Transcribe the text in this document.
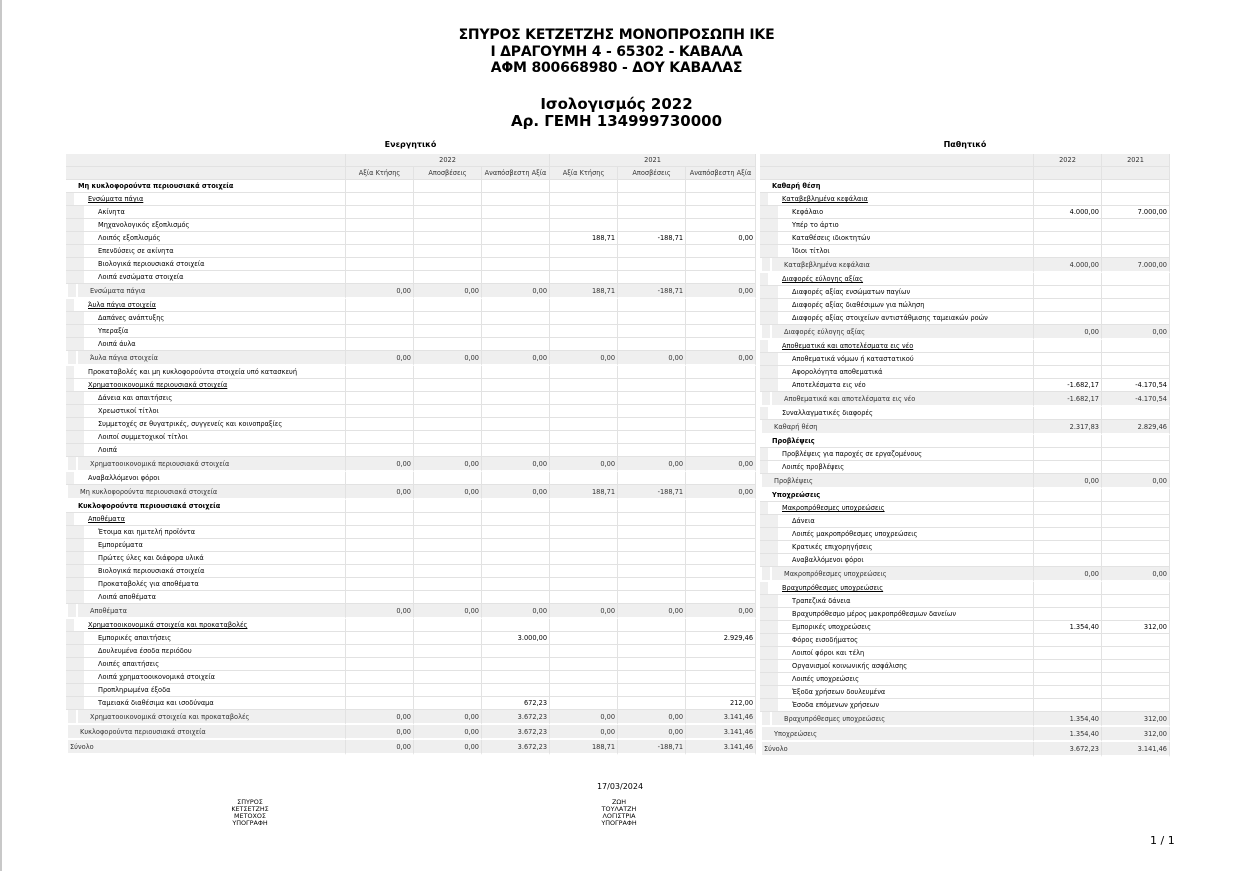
ΣΠΥΡΟΣ ΚΕΤΖΕΤΖΗΣ ΜΟΝΟΠΡΟΣΩΠΗ ΙΚΕ
Ι ΔΡΑΓΟΥΜΗ 4 - 65302 - ΚΑΒΑΛΑ
ΑΦΜ 800668980 - ΔΟΥ ΚΑΒΑΛΑΣ
Ισολογισμός 2022
Αρ. ΓΕΜΗ 134999730000
Ενεργητικό	Παθητικό
	2022			2021		
	Αξία Κτήσης	Αποσβέσεις	Αναπόσβεστη Αξία	Αξία Κτήσης	Αποσβέσεις	Αναπόσβεστη Αξία
Μη κυκλοφορούντα περιουσιακά στοιχεία						
Ενσώματα πάγια						
Ακίνητα						
Μηχανολογικός εξοπλισμός						
Λοιπός εξοπλισμός				188,71	-188,71	0,00
Επενδύσεις σε ακίνητα						
Βιολογικά περιουσιακά στοιχεία						
Λοιπά ενσώματα στοιχεία						
Ενσώματα πάγια	0,00	0,00	0,00	188,71	-188,71	0,00
Άυλα πάγια στοιχεία						
Δαπάνες ανάπτυξης						
Υπεραξία						
Λοιπά άυλα						
Άυλα πάγια στοιχεία	0,00	0,00	0,00	0,00	0,00	0,00
Προκαταβολές και μη κυκλοφορούντα στοιχεία υπό κατασκευή						
Χρηματοοικονομικά περιουσιακά στοιχεία						
Δάνεια και απαιτήσεις						
Χρεωστικοί τίτλοι						
Συμμετοχές σε θυγατρικές, συγγενείς και κοινοπραξίες						
Λοιποί συμμετοχικοί τίτλοι						
Λοιπά						
Χρηματοοικονομικά περιουσιακά στοιχεία	0,00	0,00	0,00	0,00	0,00	0,00
Αναβαλλόμενοι φόροι						
Μη κυκλοφορούντα περιουσιακά στοιχεία	0,00	0,00	0,00	188,71	-188,71	0,00
Κυκλοφορούντα περιουσιακά στοιχεία						
Αποθέματα						
Έτοιμα και ημιτελή προϊόντα						
Εμπορεύματα						
Πρώτες ύλες και διάφορα υλικά						
Βιολογικά περιουσιακά στοιχεία						
Προκαταβολές για αποθέματα						
Λοιπά αποθέματα						
Αποθέματα	0,00	0,00	0,00	0,00	0,00	0,00
Χρηματοοικονομικά στοιχεία και προκαταβολές						
Εμπορικές απαιτήσεις			3.000,00			2.929,46
Δουλευμένα έσοδα περιόδου						
Λοιπές απαιτήσεις						
Λοιπά χρηματοοικονομικά στοιχεία						
Προπληρωμένα έξοδα						
Ταμειακά διαθέσιμα και ισοδύναμα			672,23			212,00
Χρηματοοικονομικά στοιχεία και προκαταβολές	0,00	0,00	3.672,23	0,00	0,00	3.141,46
Κυκλοφορούντα περιουσιακά στοιχεία	0,00	0,00	3.672,23	0,00	0,00	3.141,46
Σύνολο	0,00	0,00	3.672,23	188,71	-188,71	3.141,46
	2022	2021

Καθαρή θέση		
Καταβεβλημένα κεφάλαια		
Κεφάλαιο	4.000,00	7.000,00
Υπέρ το άρτιο		
Καταθέσεις ιδιοκτητών		
Ίδιοι τίτλοι		
Καταβεβλημένα κεφάλαια	4.000,00	7.000,00
Διαφορές εύλογης αξίας		
Διαφορές αξίας ενσώματων παγίων		
Διαφορές αξίας διαθέσιμων για πώληση		
Διαφορές αξίας στοιχείων αντιστάθμισης ταμειακών ροών		
Διαφορές εύλογης αξίας	0,00	0,00
Αποθεματικά και αποτελέσματα εις νέο		
Αποθεματικά νόμων ή καταστατικού		
Αφορολόγητα αποθεματικά		
Αποτελέσματα εις νέο	-1.682,17	-4.170,54
Αποθεματικά και αποτελέσματα εις νέο	-1.682,17	-4.170,54
Συναλλαγματικές διαφορές		
Καθαρή θέση	2.317,83	2.829,46
Προβλέψεις		
Προβλέψεις για παροχές σε εργαζομένους		
Λοιπές προβλέψεις		
Προβλέψεις	0,00	0,00
Υποχρεώσεις		
Μακροπρόθεσμες υποχρεώσεις		
Δάνεια		
Λοιπές μακροπρόθεσμες υποχρεώσεις		
Κρατικές επιχορηγήσεις		
Αναβαλλόμενοι φόροι		
Μακροπρόθεσμες υποχρεώσεις	0,00	0,00
Βραχυπρόθεσμες υποχρεώσεις		
Τραπεζικά δάνεια		
Βραχυπρόθεσμο μέρος μακροπρόθεσμων δανείων		
Εμπορικές υποχρεώσεις	1.354,40	312,00
Φόρος εισοδήματος		
Λοιποί φόροι και τέλη		
Οργανισμοί κοινωνικής ασφάλισης		
Λοιπές υποχρεώσεις		
Έξοδα χρήσεων δουλευμένα		
Έσοδα επόμενων χρήσεων		
Βραχυπρόθεσμες υποχρεώσεις	1.354,40	312,00
Υποχρεώσεις	1.354,40	312,00
Σύνολο	3.672,23	3.141,46
17/03/2024
ΣΠΥΡΟΣ
ΚΕΤΣΕΤΖΗΣ
ΜΕΤΟΧΟΣ
ΥΠΟΓΡΑΦΗ
ΖΩΗ
ΤΟΥΛΑΤΖΗ
ΛΟΓΙΣΤΡΙΑ
ΥΠΟΓΡΑΦΗ
1 / 1
